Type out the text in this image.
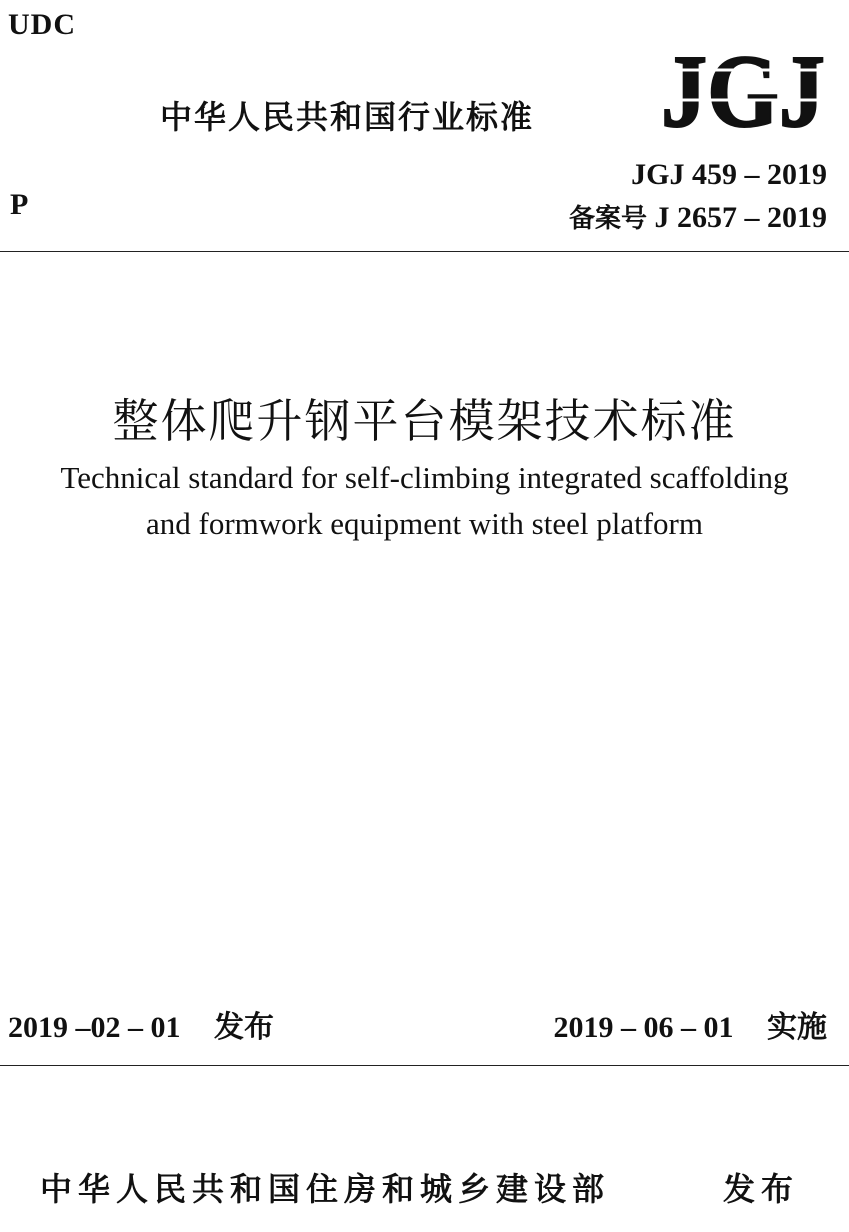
UDC
中华人民共和国行业标准 JGJ
JGJ 459 – 2019
P	备案号 J 2657 – 2019
整体爬升钢平台模架技术标准
Technical standard for self-climbing integrated scaffolding
and formwork equipment with steel platform
2019 –02 – 01 发布	2019 – 06 – 01 实施
中华人民共和国住房和城乡建设部	发布
